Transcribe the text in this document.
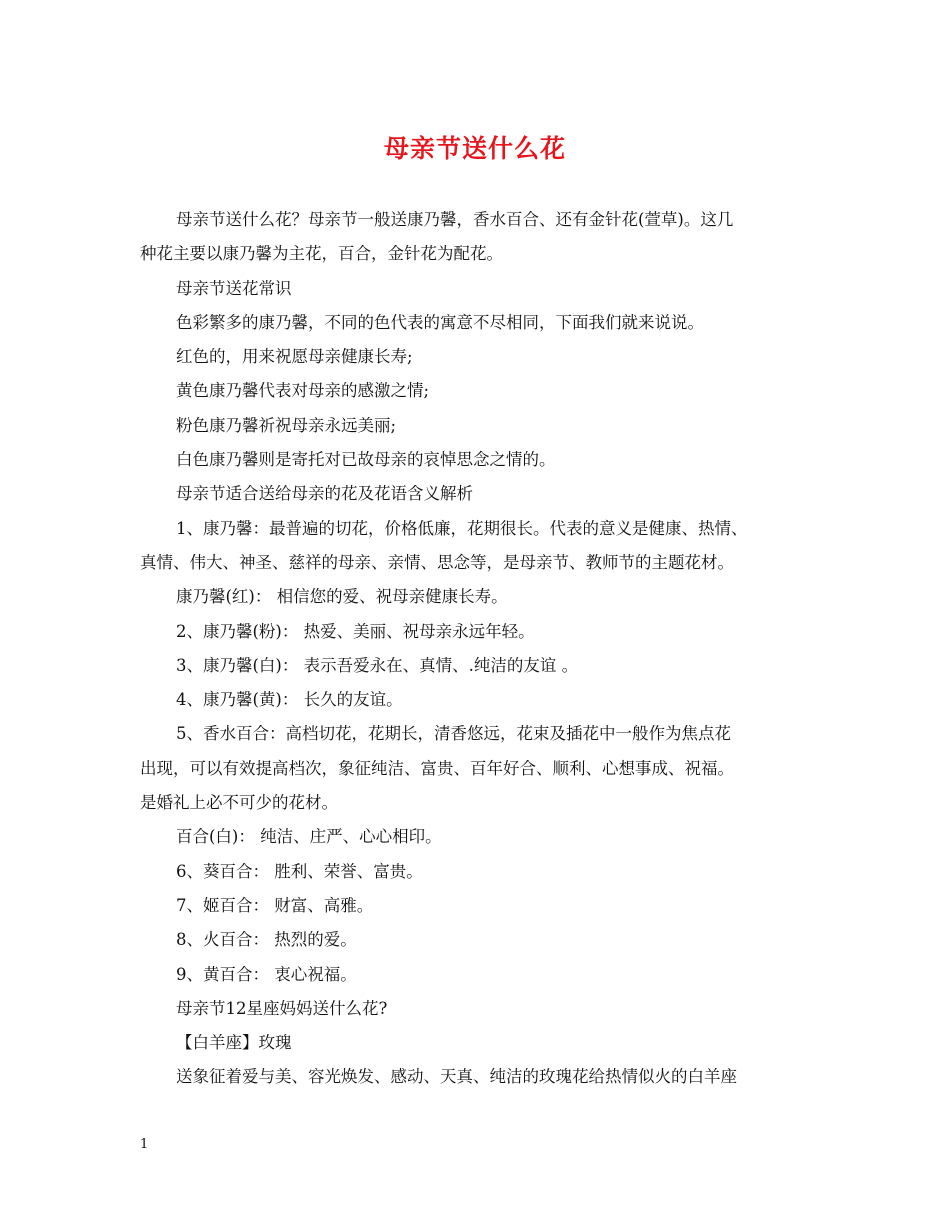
母亲节送什么花

母亲节送什么花？母亲节一般送康乃馨，香水百合、还有金针花(萱草)。这几

种花主要以康乃馨为主花，百合，金针花为配花。

母亲节送花常识

色彩繁多的康乃馨，不同的色代表的寓意不尽相同，下面我们就来说说。

红色的，用来祝愿母亲健康长寿;

黄色康乃馨代表对母亲的感激之情;

粉色康乃馨祈祝母亲永远美丽;

白色康乃馨则是寄托对已故母亲的哀悼思念之情的。

母亲节适合送给母亲的花及花语含义解析

1、康乃馨：最普遍的切花，价格低廉，花期很长。代表的意义是健康、热情、

真情、伟大、神圣、慈祥的母亲、亲情、思念等，是母亲节、教师节的主题花材。

康乃馨(红)： 相信您的爱、祝母亲健康长寿。

2、康乃馨(粉)： 热爱、美丽、祝母亲永远年轻。

3、康乃馨(白)： 表示吾爱永在、真情、.纯洁的友谊 。

4、康乃馨(黄)： 长久的友谊。

5、香水百合：高档切花，花期长，清香悠远，花束及插花中一般作为焦点花

出现，可以有效提高档次，象征纯洁、富贵、百年好合、顺利、心想事成、祝福。

是婚礼上必不可少的花材。

百合(白)： 纯洁、庄严、心心相印。

6、葵百合： 胜利、荣誉、富贵。

7、姬百合： 财富、高雅。

8、火百合： 热烈的爱。

9、黄百合： 衷心祝福。

母亲节12星座妈妈送什么花?

【白羊座】玫瑰

送象征着爱与美、容光焕发、感动、天真、纯洁的玫瑰花给热情似火的白羊座

1
